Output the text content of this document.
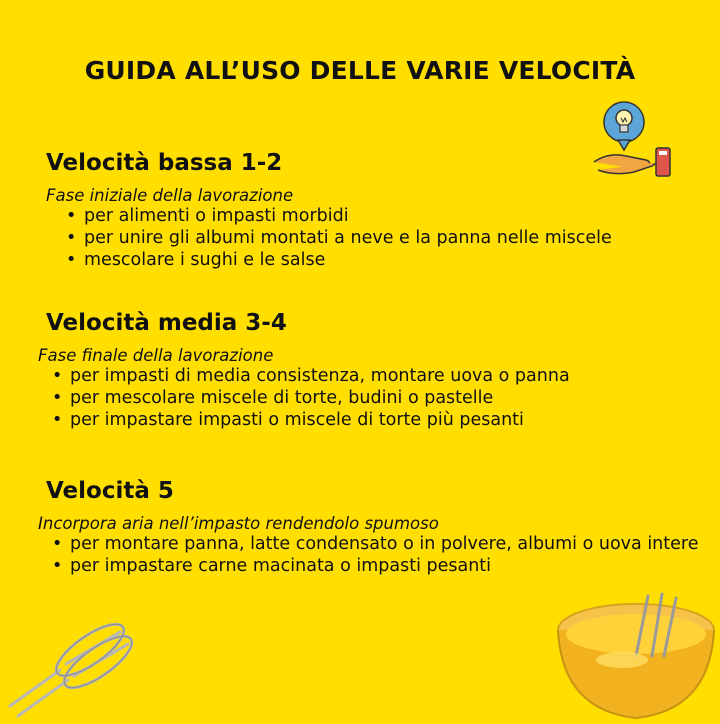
GUIDA ALL’USO DELLE VARIE VELOCITÀ
Velocità bassa 1-2

Fase iniziale della lavorazione

• per alimenti o impasti morbidi
• per unire gli albumi montati a neve e la panna nelle miscele
• mescolare i sughi e le salse
Velocità media 3-4

Fase finale della lavorazione

• per impasti di media consistenza, montare uova o panna
• per mescolare miscele di torte, budini o pastelle
• per impastare impasti o miscele di torte più pesanti
Velocità 5

Incorpora aria nell’impasto rendendolo spumoso

• per montare panna, latte condensato o in polvere, albumi o uova intere
• per impastare carne macinata o impasti pesanti
